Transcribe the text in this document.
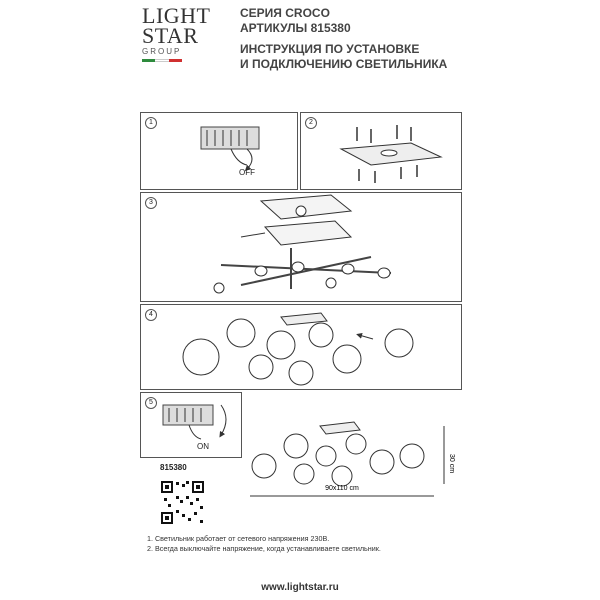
LIGHT
STAR
GROUP
СЕРИЯ CROCO
АРТИКУЛЫ 815380
ИНСТРУКЦИЯ ПО УСТАНОВКЕ
И ПОДКЛЮЧЕНИЮ СВЕТИЛЬНИКА
1
OFF
2
3
4
5
ON
815380
90x110 cm
30 cm
1. Светильник работает от сетевого напряжения 230В.
2. Всегда выключайте напряжение, когда устанавливаете светильник.
www.lightstar.ru
